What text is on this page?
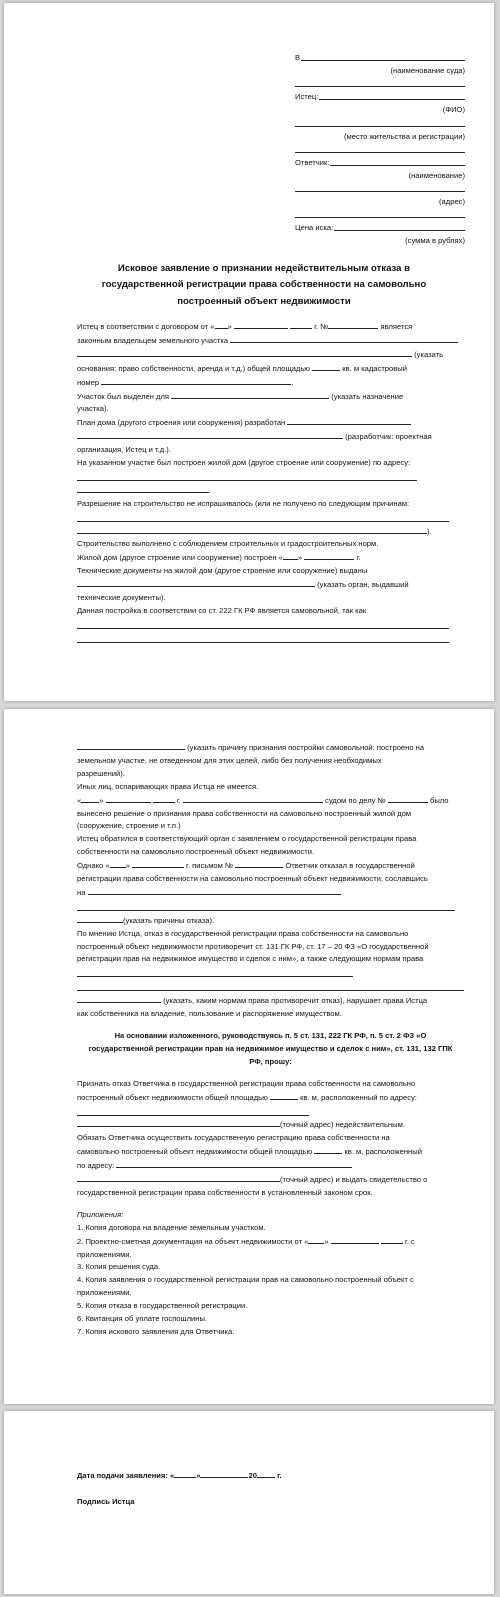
В
(наименование суда)
Истец:
(ФИО)
(место жительства и регистрации)
Ответчик:
(наименование)
(адрес)
Цена иска:
(сумма в рублях)
Исковое заявление о признании недействительным отказа в государственной регистрации права собственности на самовольно построенный объект недвижимости

Истец в соответствии с договором от « »	г. №	является

законным владельцем земельного участка

(указать

основания: право собственности, аренда и т.д.) общей площадью	кв. м кадастровый

номер	.

Участок был выделен для	(указать назначение

участка).

План дома (другого строения или сооружения) разработан

(разработчик: проектная

организация, Истец и т.д.).

На указанном участке был построен жилой дом (другое строение или сооружение) по адресу:

.

Разрешение на строительство не испрашивалось (или не получено по следующим причинам:

).

Строительство выполнено с соблюдением строительных и градостроительных норм.

Жилой дом (другое строение или сооружение) построен « »	г.

Технические документы на жилой дом (другое строение или сооружение) выданы

(указать орган, выдавший

технические документы).

Данная постройка в соответствии со ст. 222 ГК РФ является самовольной, так как

(указать причину признания постройки самовольной: построено на

земельном участке, не отведенном для этих целей, либо без получения необходимых

разрешений).

Иных лиц, оспаривающих права Истца не имеется.

« »	г.	судом по делу №	было

вынесено решение о признании права собственности на самовольно построенный жилой дом

(сооружение, строение и т.п.)

Истец обратился в соответствующий орган с заявлением о государственной регистрации права

собственности на самовольно построенный объект недвижимости.

Однако « »	г. письмом №	Ответчик отказал в государственной

регистрации права собственности на самовольно построенный объект недвижимости, сославшись

на

(указать причины отказа).

По мнению Истца, отказ в государственной регистрации права собственности на самовольно

построенный объект недвижимости противоречит ст. 131 ГК РФ, ст. 17 – 20 ФЗ «О государственной

регистрации прав на недвижимое имущество и сделок с ним», а также следующим нормам права

(указать, каким нормам права противоречит отказ), нарушает права Истца

как собственника на владение, пользование и распоряжение имуществом.

На основании изложенного, руководствуясь п. 5 ст. 131, 222 ГК РФ, п. 5 ст. 2 ФЗ «О государственной регистрации прав на недвижимое имущество и сделок с ним», ст. 131, 132 ГПК РФ, прошу:

Признать отказ Ответчика в государственной регистрации права собственности на самовольно

построенный объект недвижимости общей площадью	кв. м, расположенный по адресу:

(точный адрес) недействительным.

Обязать Ответчика осуществить государственную регистрацию права собственности на

самовольно построенный объект недвижимости общей площадью	кв. м, расположенный

по адресу:

(точный адрес) и выдать свидетельство о

государственной регистрации права собственности в установленный законом срок.

Приложения:

1. Копия договора на владение земельным участком.

2. Проектно-сметная документация на объект недвижимости от « »	г. с

приложениями.

3. Копия решения суда.

4. Копия заявления о государственной регистрации прав на самовольно построенный объект с

приложениями.

5. Копия отказа в государственной регистрации.

6. Квитанция об уплате госпошлины.

7. Копия искового заявления для Ответчика.

Дата подачи заявления: «	»	20	г.

Подпись Истца
